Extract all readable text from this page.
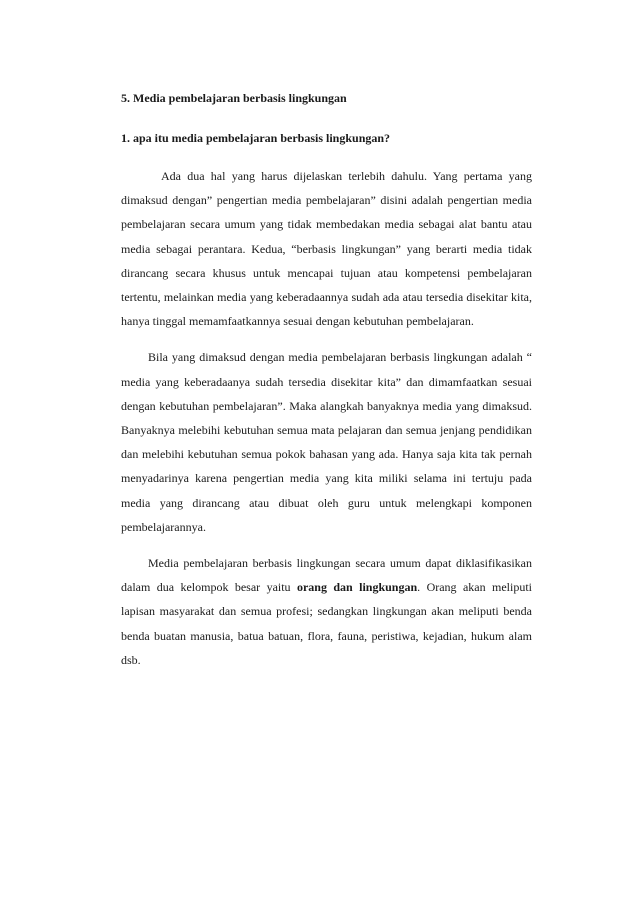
5. Media pembelajaran berbasis lingkungan

1. apa itu media pembelajaran berbasis lingkungan?

Ada dua hal yang harus dijelaskan terlebih dahulu. Yang pertama yang dimaksud dengan” pengertian media pembelajaran” disini adalah pengertian media pembelajaran secara umum yang tidak membedakan media sebagai alat bantu atau media sebagai perantara. Kedua, “berbasis lingkungan” yang berarti media tidak dirancang secara khusus untuk mencapai tujuan atau kompetensi pembelajaran tertentu, melainkan media yang keberadaannya sudah ada atau tersedia disekitar kita, hanya tinggal memamfaatkannya sesuai dengan kebutuhan pembelajaran.

Bila yang dimaksud dengan media pembelajaran berbasis lingkungan adalah “ media yang keberadaanya sudah tersedia disekitar kita” dan dimamfaatkan sesuai dengan kebutuhan pembelajaran”. Maka alangkah banyaknya media yang dimaksud. Banyaknya melebihi kebutuhan semua mata pelajaran dan semua jenjang pendidikan dan melebihi kebutuhan semua pokok bahasan yang ada. Hanya saja kita tak pernah menyadarinya karena pengertian media yang kita miliki selama ini tertuju pada media yang dirancang atau dibuat oleh guru untuk melengkapi komponen pembelajarannya.

Media pembelajaran berbasis lingkungan secara umum dapat diklasifikasikan dalam dua kelompok besar yaitu orang dan lingkungan. Orang akan meliputi lapisan masyarakat dan semua profesi; sedangkan lingkungan akan meliputi benda benda buatan manusia, batua batuan, flora, fauna, peristiwa, kejadian, hukum alam dsb.
